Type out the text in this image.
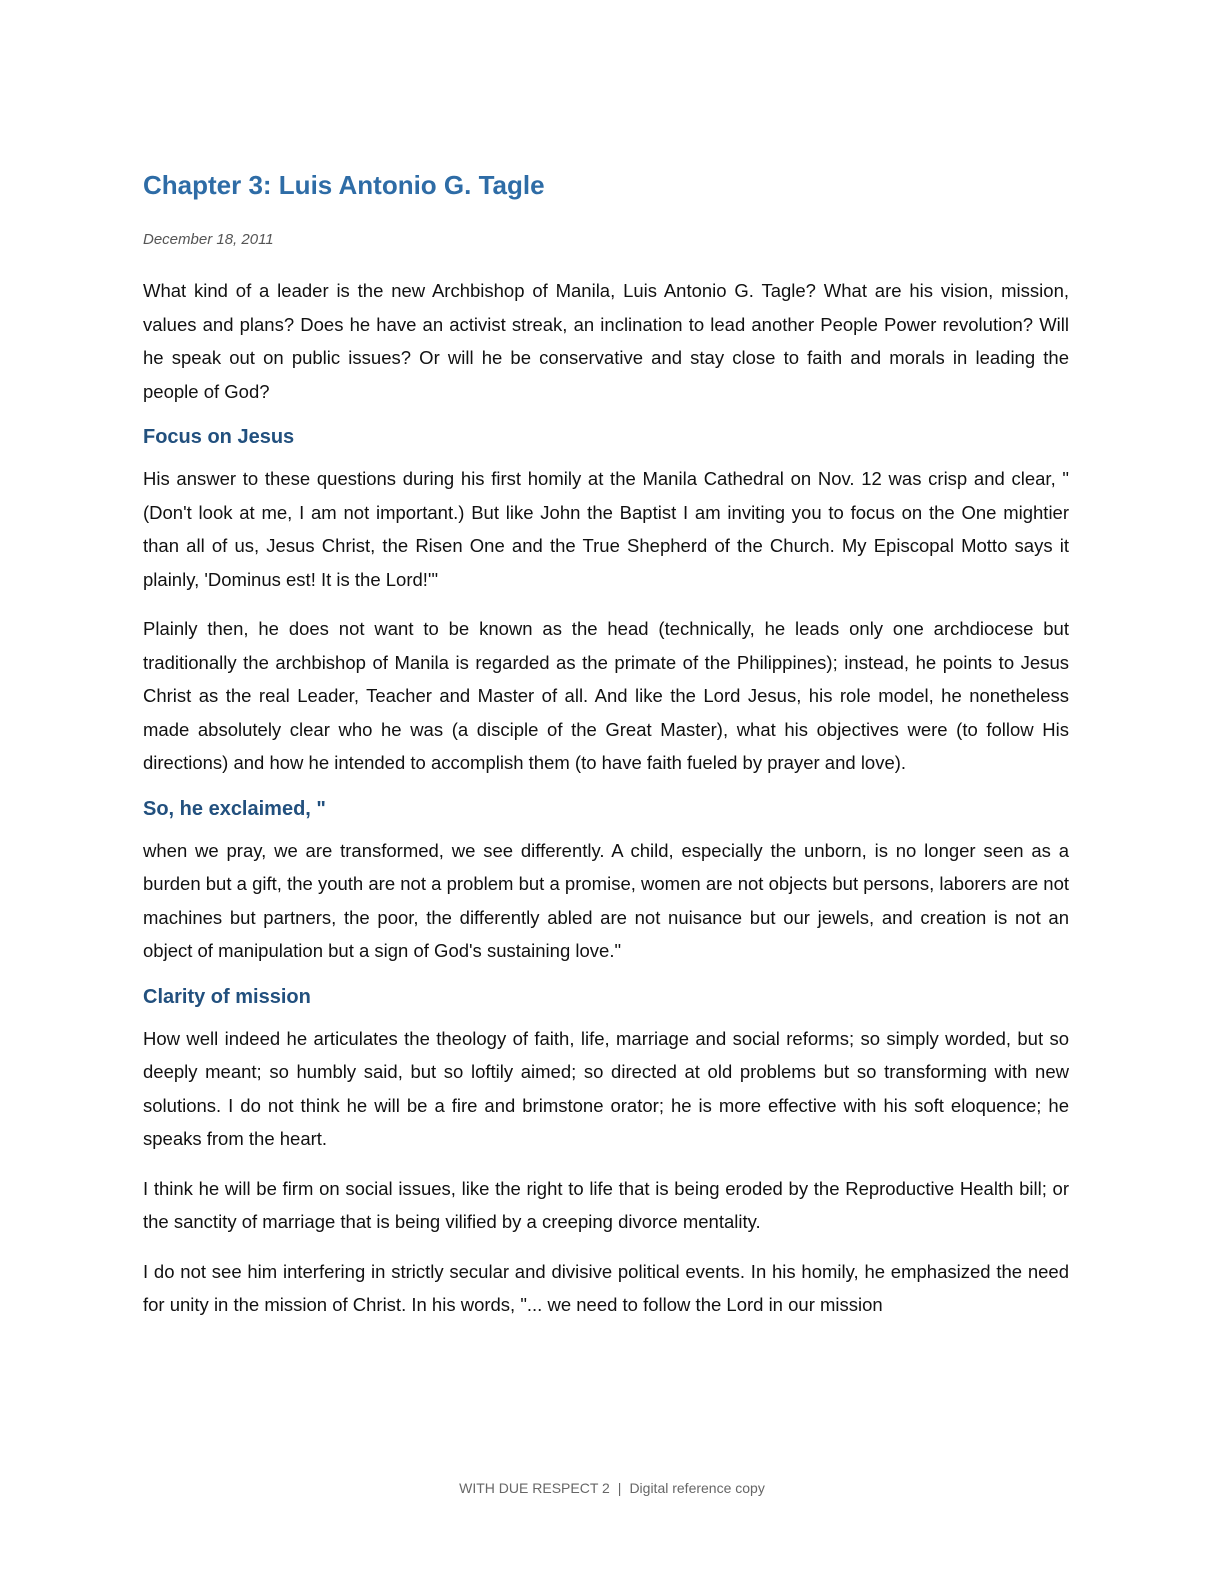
Chapter 3: Luis Antonio G. Tagle
December 18, 2011

What kind of a leader is the new Archbishop of Manila, Luis Antonio G. Tagle? What are his vision, mission, values and plans? Does he have an activist streak, an inclination to lead another People Power revolution? Will he speak out on public issues? Or will he be conservative and stay close to faith and morals in leading the people of God?

Focus on Jesus

His answer to these questions during his first homily at the Manila Cathedral on Nov. 12 was crisp and clear, "(Don't look at me, I am not important.) But like John the Baptist I am inviting you to focus on the One mightier than all of us, Jesus Christ, the Risen One and the True Shepherd of the Church. My Episcopal Motto says it plainly, 'Dominus est! It is the Lord!'"

Plainly then, he does not want to be known as the head (technically, he leads only one archdiocese but traditionally the archbishop of Manila is regarded as the primate of the Philippines); instead, he points to Jesus Christ as the real Leader, Teacher and Master of all. And like the Lord Jesus, his role model, he nonetheless made absolutely clear who he was (a disciple of the Great Master), what his objectives were (to follow His directions) and how he intended to accomplish them (to have faith fueled by prayer and love).

So, he exclaimed, "

when we pray, we are transformed, we see differently. A child, especially the unborn, is no longer seen as a burden but a gift, the youth are not a problem but a promise, women are not objects but persons, laborers are not machines but partners, the poor, the differently abled are not nuisance but our jewels, and creation is not an object of manipulation but a sign of God's sustaining love."

Clarity of mission

How well indeed he articulates the theology of faith, life, marriage and social reforms; so simply worded, but so deeply meant; so humbly said, but so loftily aimed; so directed at old problems but so transforming with new solutions. I do not think he will be a fire and brimstone orator; he is more effective with his soft eloquence; he speaks from the heart.

I think he will be firm on social issues, like the right to life that is being eroded by the Reproductive Health bill; or the sanctity of marriage that is being vilified by a creeping divorce mentality.

I do not see him interfering in strictly secular and divisive political events. In his homily, he emphasized the need for unity in the mission of Christ. In his words, "... we need to follow the Lord in our mission

WITH DUE RESPECT 2 | Digital reference copy
